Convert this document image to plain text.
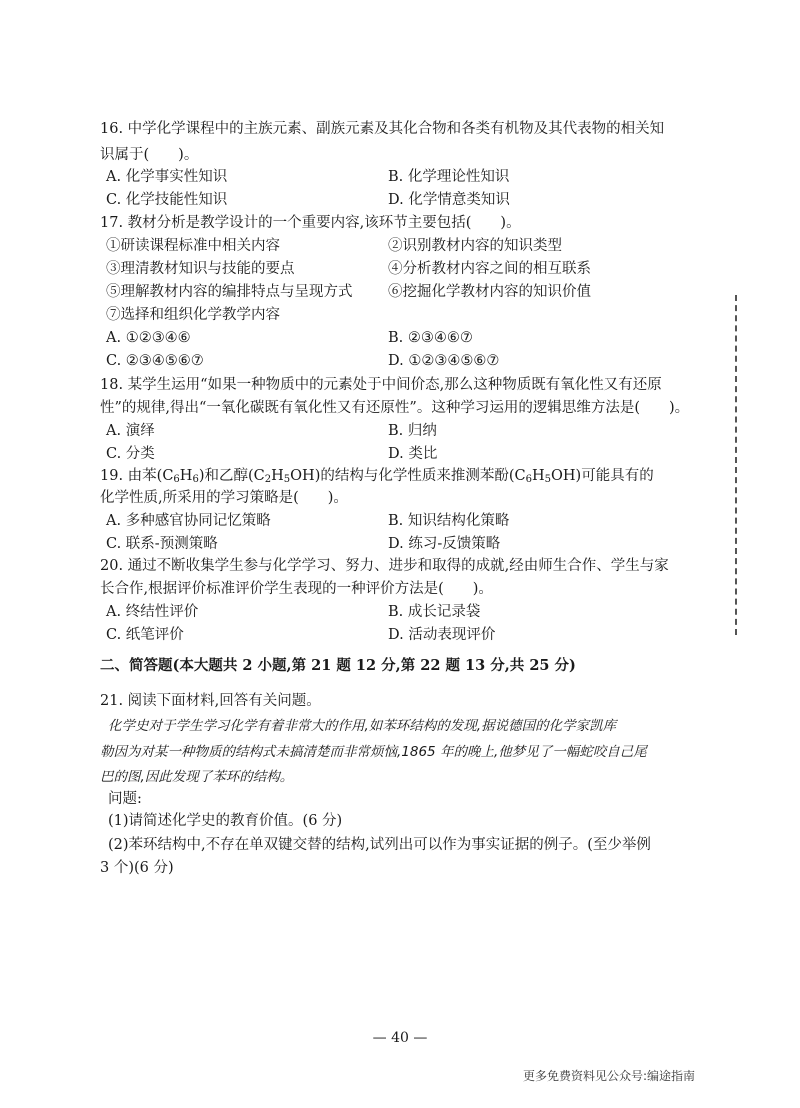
16. 中学化学课程中的主族元素、副族元素及其化合物和各类有机物及其代表物的相关知
识属于(　　)。
A. 化学事实性知识	B. 化学理论性知识
C. 化学技能性知识	D. 化学情意类知识
17. 教材分析是教学设计的一个重要内容,该环节主要包括(　　)。
①研读课程标准中相关内容	②识别教材内容的知识类型
③理清教材知识与技能的要点	④分析教材内容之间的相互联系
⑤理解教材内容的编排特点与呈现方式 ⑥挖掘化学教材内容的知识价值
⑦选择和组织化学教学内容
A. ①②③④⑥	B. ②③④⑥⑦
C. ②③④⑤⑥⑦	D. ①②③④⑤⑥⑦
18. 某学生运用“如果一种物质中的元素处于中间价态,那么这种物质既有氧化性又有还原
性”的规律,得出“一氧化碳既有氧化性又有还原性”。这种学习运用的逻辑思维方法是(　　)。
A. 演绎	B. 归纳
C. 分类	D. 类比
19. 由苯$(C_6H_6)$和乙醇$(C_2H_5OH)$的结构与化学性质来推测苯酚$(C_6H_5OH)$可能具有的
化学性质,所采用的学习策略是(　　)。
A. 多种感官协同记忆策略	B. 知识结构化策略
C. 联系-预测策略	D. 练习-反馈策略
20. 通过不断收集学生参与化学学习、努力、进步和取得的成就,经由师生合作、学生与家
长合作,根据评价标准评价学生表现的一种评价方法是(　　)。
A. 终结性评价	B. 成长记录袋
C. 纸笔评价	D. 活动表现评价
二、简答题(本大题共 2 小题,第 21 题 12 分,第 22 题 13 分,共 25 分)
21. 阅读下面材料,回答有关问题。
化学史对于学生学习化学有着非常大的作用,如苯环结构的发现,据说德国的化学家凯库
勒因为对某一种物质的结构式未搞清楚而非常烦恼,1865 年的晚上,他梦见了一幅蛇咬自己尾
巴的图,因此发现了苯环的结构。
问题:
(1)请简述化学史的教育价值。(6 分)
(2)苯环结构中,不存在单双键交替的结构,试列出可以作为事实证据的例子。(至少举例
3 个)(6 分)
— 40 —
更多免费资料见公众号:编途指南
